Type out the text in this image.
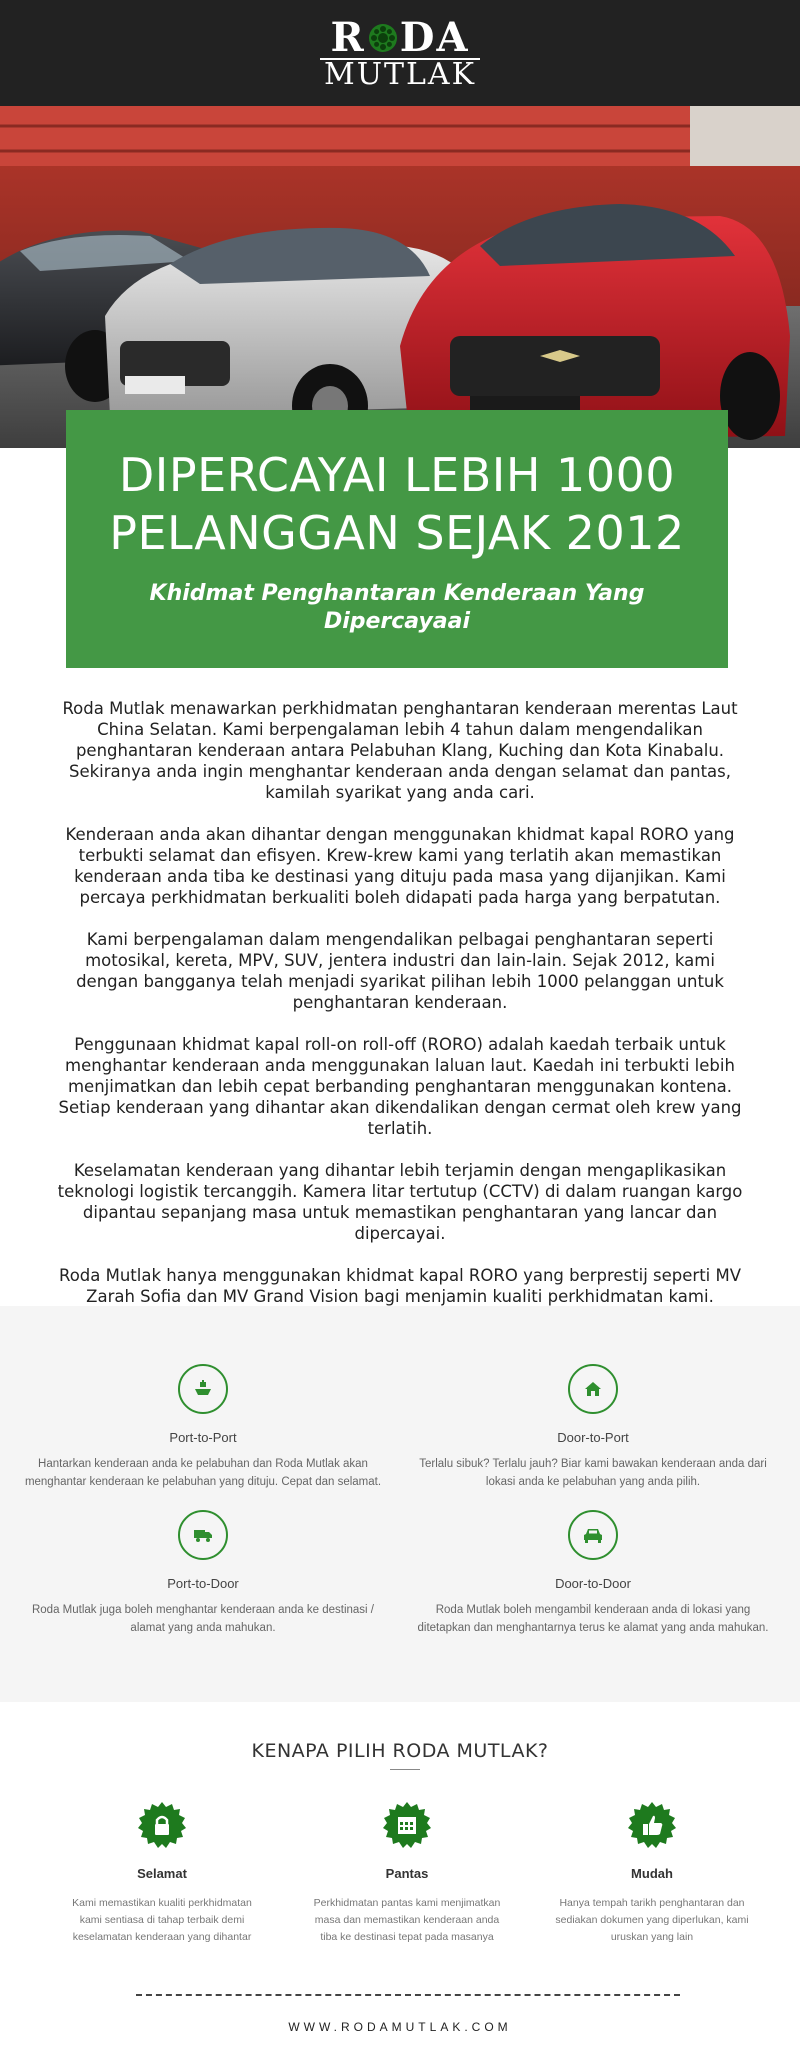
R DA
MUTLAK
DIPERCAYAI LEBIH 1000
PELANGGAN SEJAK 2012
Khidmat Penghantaran Kenderaan Yang Dipercayaai

Roda Mutlak menawarkan perkhidmatan penghantaran kenderaan merentas Laut China Selatan. Kami berpengalaman lebih 4 tahun dalam mengendalikan penghantaran kenderaan antara Pelabuhan Klang, Kuching dan Kota Kinabalu. Sekiranya anda ingin menghantar kenderaan anda dengan selamat dan pantas, kamilah syarikat yang anda cari.

Kenderaan anda akan dihantar dengan menggunakan khidmat kapal RORO yang terbukti selamat dan efisyen. Krew-krew kami yang terlatih akan memastikan kenderaan anda tiba ke destinasi yang dituju pada masa yang dijanjikan. Kami percaya perkhidmatan berkualiti boleh didapati pada harga yang berpatutan.

Kami berpengalaman dalam mengendalikan pelbagai penghantaran seperti motosikal, kereta, MPV, SUV, jentera industri dan lain-lain. Sejak 2012, kami dengan bangganya telah menjadi syarikat pilihan lebih 1000 pelanggan untuk penghantaran kenderaan.

Penggunaan khidmat kapal roll-on roll-off (RORO) adalah kaedah terbaik untuk menghantar kenderaan anda menggunakan laluan laut. Kaedah ini terbukti lebih menjimatkan dan lebih cepat berbanding penghantaran menggunakan kontena. Setiap kenderaan yang dihantar akan dikendalikan dengan cermat oleh krew yang terlatih.

Keselamatan kenderaan yang dihantar lebih terjamin dengan mengaplikasikan teknologi logistik tercanggih. Kamera litar tertutup (CCTV) di dalam ruangan kargo dipantau sepanjang masa untuk memastikan penghantaran yang lancar dan dipercayai.

Roda Mutlak hanya menggunakan khidmat kapal RORO yang berprestij seperti MV Zarah Sofia dan MV Grand Vision bagi menjamin kualiti perkhidmatan kami.

Port-to-Port
Hantarkan kenderaan anda ke pelabuhan dan Roda Mutlak akan menghantar kenderaan ke pelabuhan yang dituju. Cepat dan selamat.
Door-to-Port
Terlalu sibuk? Terlalu jauh? Biar kami bawakan kenderaan anda dari lokasi anda ke pelabuhan yang anda pilih.
Port-to-Door
Roda Mutlak juga boleh menghantar kenderaan anda ke destinasi / alamat yang anda mahukan.
Door-to-Door
Roda Mutlak boleh mengambil kenderaan anda di lokasi yang ditetapkan dan menghantarnya terus ke alamat yang anda mahukan.
KENAPA PILIH RODA MUTLAK?
Selamat
Kami memastikan kualiti perkhidmatan kami sentiasa di tahap terbaik demi keselamatan kenderaan yang dihantar
Pantas
Perkhidmatan pantas kami menjimatkan masa dan memastikan kenderaan anda tiba ke destinasi tepat pada masanya
Mudah
Hanya tempah tarikh penghantaran dan sediakan dokumen yang diperlukan, kami uruskan yang lain
WWW.RODAMUTLAK.COM
